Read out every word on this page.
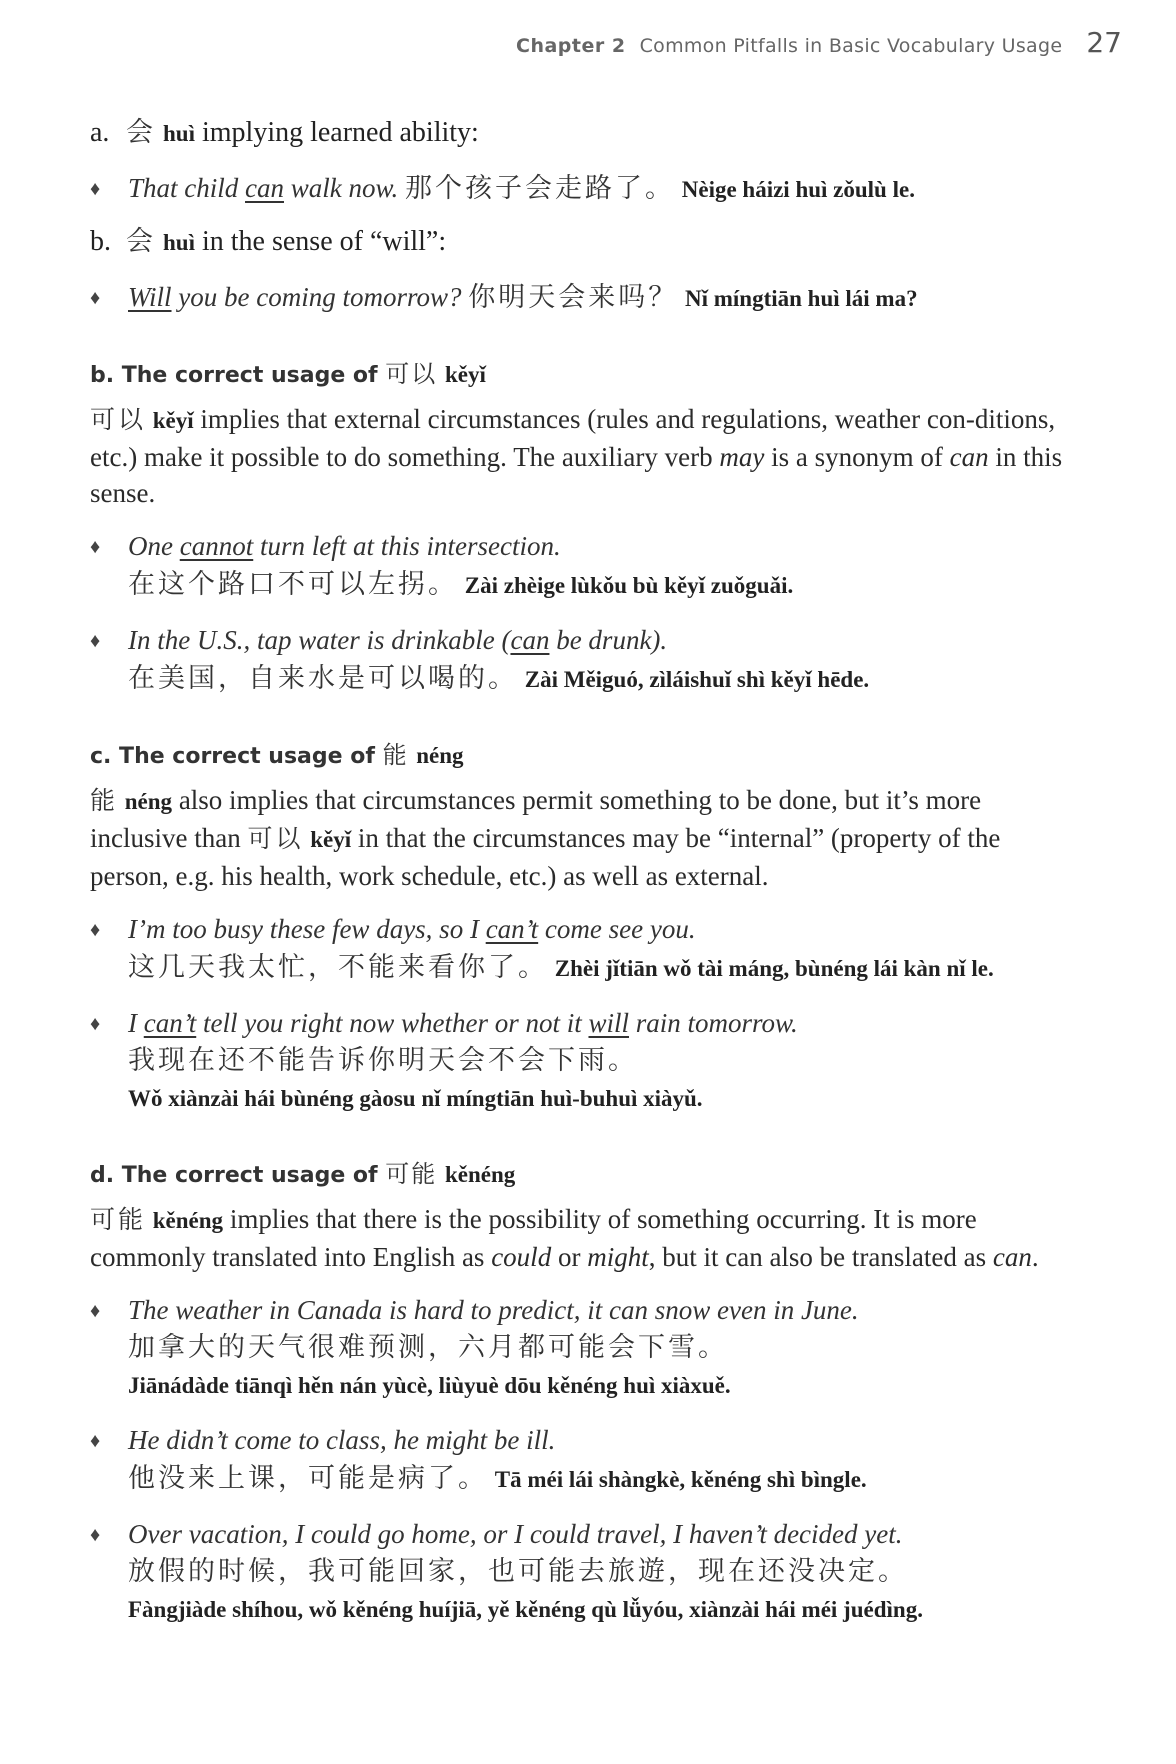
Chapter 2 Common Pitfalls in Basic Vocabulary Usage 27
a. 会 huì implying learned ability:
♦	That child can walk now. 那个孩子会走路了。 Nèige háizi huì zǒulù le.
b. 会 huì in the sense of “will”:
♦	Will you be coming tomorrow? 你明天会来吗？ Nǐ míngtiān huì lái ma?
b. The correct usage of 可以 kěyǐ

可以 kěyǐ implies that external circumstances (rules and regulations, weather con-ditions, etc.) make it possible to do something. The auxiliary verb may is a synonym of can in this sense.

♦	One cannot turn left at this intersection.
在这个路口不可以左拐。 Zài zhèige lùkǒu bù kěyǐ zuǒguǎi.
♦	In the U.S., tap water is drinkable (can be drunk).
在美国，自来水是可以喝的。 Zài Měiguó, zìláishuǐ shì kěyǐ hēde.
c. The correct usage of 能 néng

能 néng also implies that circumstances permit something to be done, but it’s more inclusive than 可以 kěyǐ in that the circumstances may be “internal” (property of the person, e.g. his health, work schedule, etc.) as well as external.

♦	I’m too busy these few days, so I can’t come see you.
这几天我太忙，不能来看你了。 Zhèi jǐtiān wǒ tài máng, bùnéng lái kàn nǐ le.
♦	I can’t tell you right now whether or not it will rain tomorrow.
我现在还不能告诉你明天会不会下雨。
Wǒ xiànzài hái bùnéng gàosu nǐ míngtiān huì-buhuì xiàyǔ.
d. The correct usage of 可能 kěnéng

可能 kěnéng implies that there is the possibility of something occurring. It is more commonly translated into English as could or might, but it can also be translated as can.

♦	The weather in Canada is hard to predict, it can snow even in June.
加拿大的天气很难预测，六月都可能会下雪。
Jiānádàde tiānqì hěn nán yùcè, liùyuè dōu kěnéng huì xiàxuě.
♦	He didn’t come to class, he might be ill.
他没来上课，可能是病了。 Tā méi lái shàngkè, kěnéng shì bìngle.
♦	Over vacation, I could go home, or I could travel, I haven’t decided yet.
放假的时候，我可能回家，也可能去旅遊，现在还没决定。
Fàngjiàde shíhou, wǒ kěnéng huíjiā, yě kěnéng qù lǚyóu, xiànzài hái méi juédìng.
